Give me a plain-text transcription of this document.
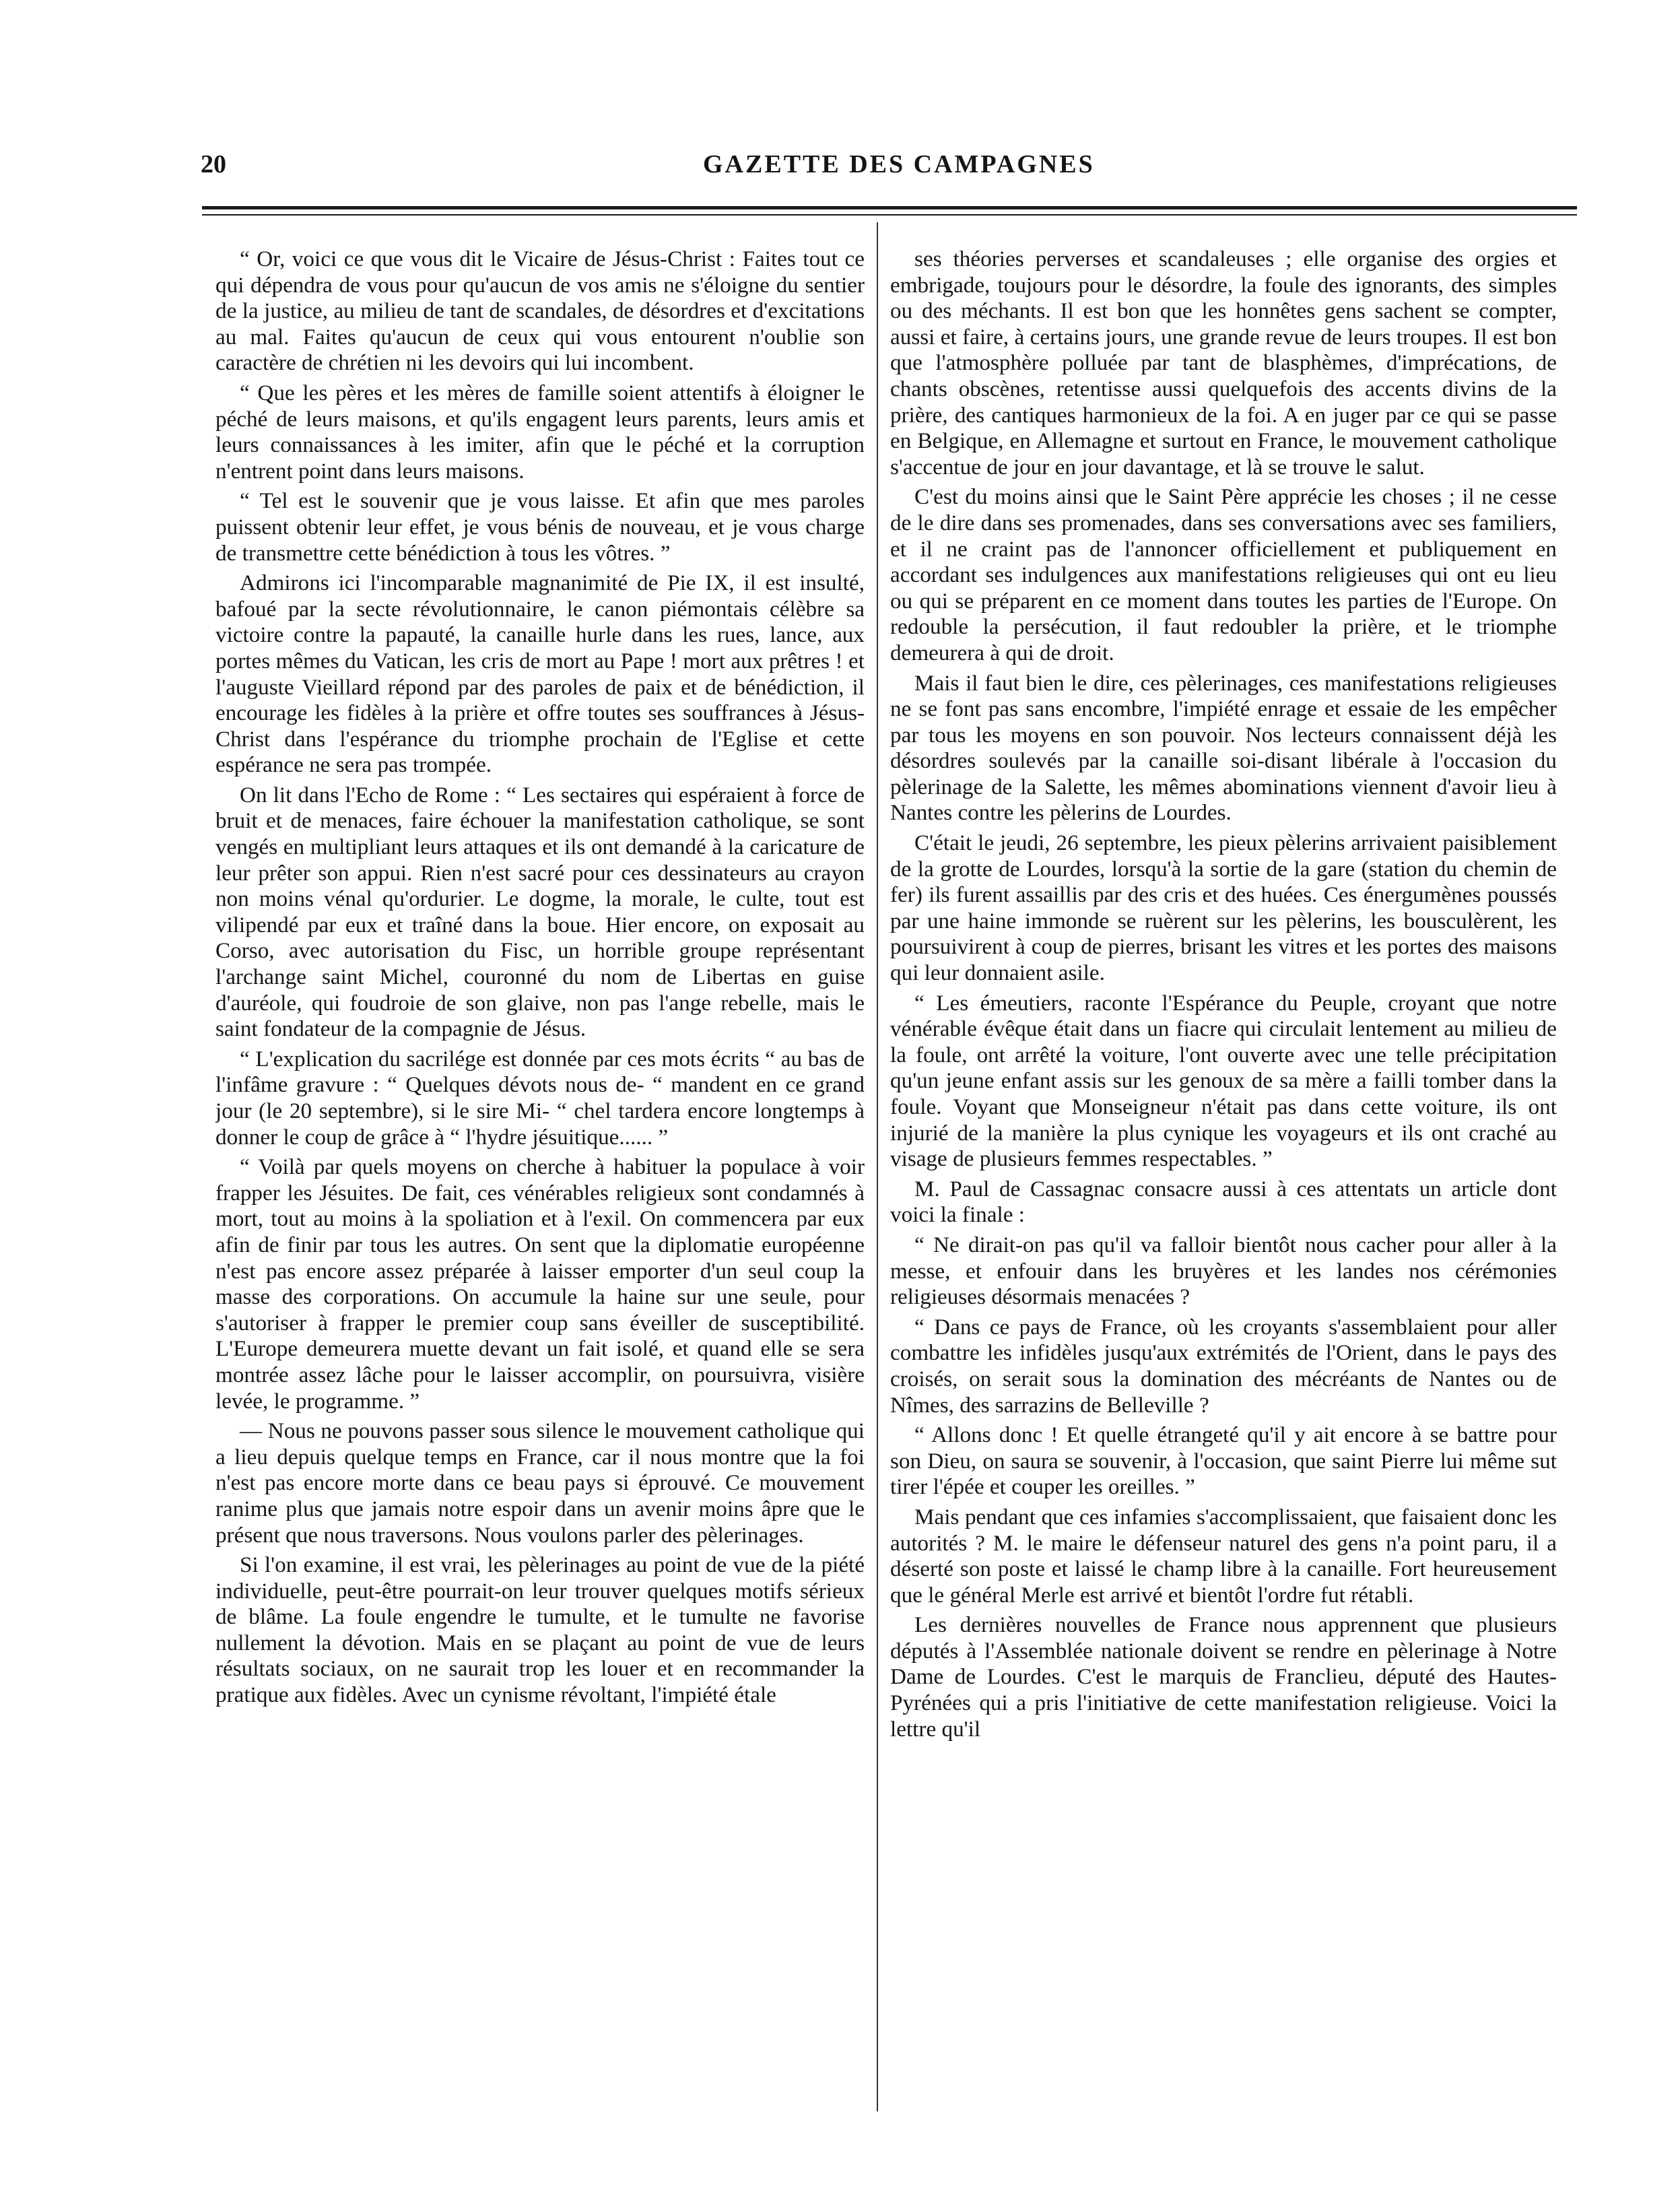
20	GAZETTE DES CAMPAGNES

“ Or, voici ce que vous dit le Vicaire de Jésus-Christ : Faites tout ce qui dépendra de vous pour qu'aucun de vos amis ne s'éloigne du sentier de la justice, au milieu de tant de scandales, de désordres et d'excitations au mal. Faites qu'aucun de ceux qui vous entourent n'oublie son caractère de chrétien ni les devoirs qui lui incombent.

“ Que les pères et les mères de famille soient attentifs à éloigner le péché de leurs maisons, et qu'ils engagent leurs parents, leurs amis et leurs connaissances à les imiter, afin que le péché et la corruption n'entrent point dans leurs maisons.

“ Tel est le souvenir que je vous laisse. Et afin que mes paroles puissent obtenir leur effet, je vous bénis de nouveau, et je vous charge de transmettre cette bénédiction à tous les vôtres. ”

Admirons ici l'incomparable magnanimité de Pie IX, il est insulté, bafoué par la secte révolutionnaire, le canon piémontais célèbre sa victoire contre la papauté, la canaille hurle dans les rues, lance, aux portes mêmes du Vatican, les cris de mort au Pape ! mort aux prêtres ! et l'auguste Vieillard répond par des paroles de paix et de bénédiction, il encourage les fidèles à la prière et offre toutes ses souffrances à Jésus-Christ dans l'espérance du triomphe prochain de l'Eglise et cette espérance ne sera pas trompée.

On lit dans l'Echo de Rome : “ Les sectaires qui espéraient à force de bruit et de menaces, faire échouer la manifestation catholique, se sont vengés en multipliant leurs attaques et ils ont demandé à la caricature de leur prêter son appui. Rien n'est sacré pour ces dessinateurs au crayon non moins vénal qu'ordurier. Le dogme, la morale, le culte, tout est vilipendé par eux et traîné dans la boue. Hier encore, on exposait au Corso, avec autorisation du Fisc, un horrible groupe représentant l'archange saint Michel, couronné du nom de Libertas en guise d'auréole, qui foudroie de son glaive, non pas l'ange rebelle, mais le saint fondateur de la compagnie de Jésus.

“ L'explication du sacrilége est donnée par ces mots écrits “ au bas de l'infâme gravure : “ Quelques dévots nous de- “ mandent en ce grand jour (le 20 septembre), si le sire Mi- “ chel tardera encore longtemps à donner le coup de grâce à “ l'hydre jésuitique...... ”

“ Voilà par quels moyens on cherche à habituer la populace à voir frapper les Jésuites. De fait, ces vénérables religieux sont condamnés à mort, tout au moins à la spoliation et à l'exil. On commencera par eux afin de finir par tous les autres. On sent que la diplomatie européenne n'est pas encore assez préparée à laisser emporter d'un seul coup la masse des corporations. On accumule la haine sur une seule, pour s'autoriser à frapper le premier coup sans éveiller de susceptibilité. L'Europe demeurera muette devant un fait isolé, et quand elle se sera montrée assez lâche pour le laisser accomplir, on poursuivra, visière levée, le programme. ”

— Nous ne pouvons passer sous silence le mouvement catholique qui a lieu depuis quelque temps en France, car il nous montre que la foi n'est pas encore morte dans ce beau pays si éprouvé. Ce mouvement ranime plus que jamais notre espoir dans un avenir moins âpre que le présent que nous traversons. Nous voulons parler des pèlerinages.

Si l'on examine, il est vrai, les pèlerinages au point de vue de la piété individuelle, peut-être pourrait-on leur trouver quelques motifs sérieux de blâme. La foule engendre le tumulte, et le tumulte ne favorise nullement la dévotion. Mais en se plaçant au point de vue de leurs résultats sociaux, on ne saurait trop les louer et en recommander la pratique aux fidèles. Avec un cynisme révoltant, l'impiété étale

ses théories perverses et scandaleuses ; elle organise des orgies et embrigade, toujours pour le désordre, la foule des ignorants, des simples ou des méchants. Il est bon que les honnêtes gens sachent se compter, aussi et faire, à certains jours, une grande revue de leurs troupes. Il est bon que l'atmosphère polluée par tant de blasphèmes, d'imprécations, de chants obscènes, retentisse aussi quelquefois des accents divins de la prière, des cantiques harmonieux de la foi. A en juger par ce qui se passe en Belgique, en Allemagne et surtout en France, le mouvement catholique s'accentue de jour en jour davantage, et là se trouve le salut.

C'est du moins ainsi que le Saint Père apprécie les choses ; il ne cesse de le dire dans ses promenades, dans ses conversations avec ses familiers, et il ne craint pas de l'annoncer officiellement et publiquement en accordant ses indulgences aux manifestations religieuses qui ont eu lieu ou qui se préparent en ce moment dans toutes les parties de l'Europe. On redouble la persécution, il faut redoubler la prière, et le triomphe demeurera à qui de droit.

Mais il faut bien le dire, ces pèlerinages, ces manifestations religieuses ne se font pas sans encombre, l'impiété enrage et essaie de les empêcher par tous les moyens en son pouvoir. Nos lecteurs connaissent déjà les désordres soulevés par la canaille soi-disant libérale à l'occasion du pèlerinage de la Salette, les mêmes abominations viennent d'avoir lieu à Nantes contre les pèlerins de Lourdes.

C'était le jeudi, 26 septembre, les pieux pèlerins arrivaient paisiblement de la grotte de Lourdes, lorsqu'à la sortie de la gare (station du chemin de fer) ils furent assaillis par des cris et des huées. Ces énergumènes poussés par une haine immonde se ruèrent sur les pèlerins, les bousculèrent, les poursuivirent à coup de pierres, brisant les vitres et les portes des maisons qui leur donnaient asile.

“ Les émeutiers, raconte l'Espérance du Peuple, croyant que notre vénérable évêque était dans un fiacre qui circulait lentement au milieu de la foule, ont arrêté la voiture, l'ont ouverte avec une telle précipitation qu'un jeune enfant assis sur les genoux de sa mère a failli tomber dans la foule. Voyant que Monseigneur n'était pas dans cette voiture, ils ont injurié de la manière la plus cynique les voyageurs et ils ont craché au visage de plusieurs femmes respectables. ”

M. Paul de Cassagnac consacre aussi à ces attentats un article dont voici la finale :

“ Ne dirait-on pas qu'il va falloir bientôt nous cacher pour aller à la messe, et enfouir dans les bruyères et les landes nos cérémonies religieuses désormais menacées ?

“ Dans ce pays de France, où les croyants s'assemblaient pour aller combattre les infidèles jusqu'aux extrémités de l'Orient, dans le pays des croisés, on serait sous la domination des mécréants de Nantes ou de Nîmes, des sarrazins de Belleville ?

“ Allons donc ! Et quelle étrangeté qu'il y ait encore à se battre pour son Dieu, on saura se souvenir, à l'occasion, que saint Pierre lui même sut tirer l'épée et couper les oreilles. ”

Mais pendant que ces infamies s'accomplissaient, que faisaient donc les autorités ? M. le maire le défenseur naturel des gens n'a point paru, il a déserté son poste et laissé le champ libre à la canaille. Fort heureusement que le général Merle est arrivé et bientôt l'ordre fut rétabli.

Les dernières nouvelles de France nous apprennent que plusieurs députés à l'Assemblée nationale doivent se rendre en pèlerinage à Notre Dame de Lourdes. C'est le marquis de Franclieu, député des Hautes-Pyrénées qui a pris l'initiative de cette manifestation religieuse. Voici la lettre qu'il
